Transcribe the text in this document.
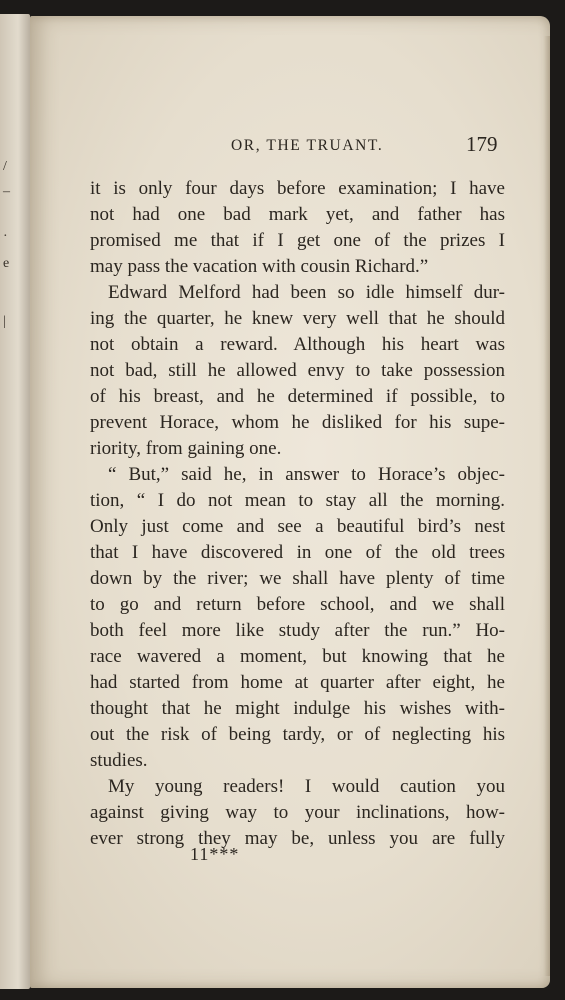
/
–
·
e
|
OR, THE TRUANT.	179
it is only four days before examination; I have
not had one bad mark yet, and father has
promised me that if I get one of the prizes I
may pass the vacation with cousin Richard.”
Edward Melford had been so idle himself dur-
ing the quarter, he knew very well that he should
not obtain a reward. Although his heart was
not bad, still he allowed envy to take possession
of his breast, and he determined if possible, to
prevent Horace, whom he disliked for his supe-
riority, from gaining one.
“ But,” said he, in answer to Horace’s objec-
tion, “ I do not mean to stay all the morning.
Only just come and see a beautiful bird’s nest
that I have discovered in one of the old trees
down by the river; we shall have plenty of time
to go and return before school, and we shall
both feel more like study after the run.” Ho-
race wavered a moment, but knowing that he
had started from home at quarter after eight, he
thought that he might indulge his wishes with-
out the risk of being tardy, or of neglecting his
studies.
My young readers! I would caution you
against giving way to your inclinations, how-
ever strong they may be, unless you are fully
11***
